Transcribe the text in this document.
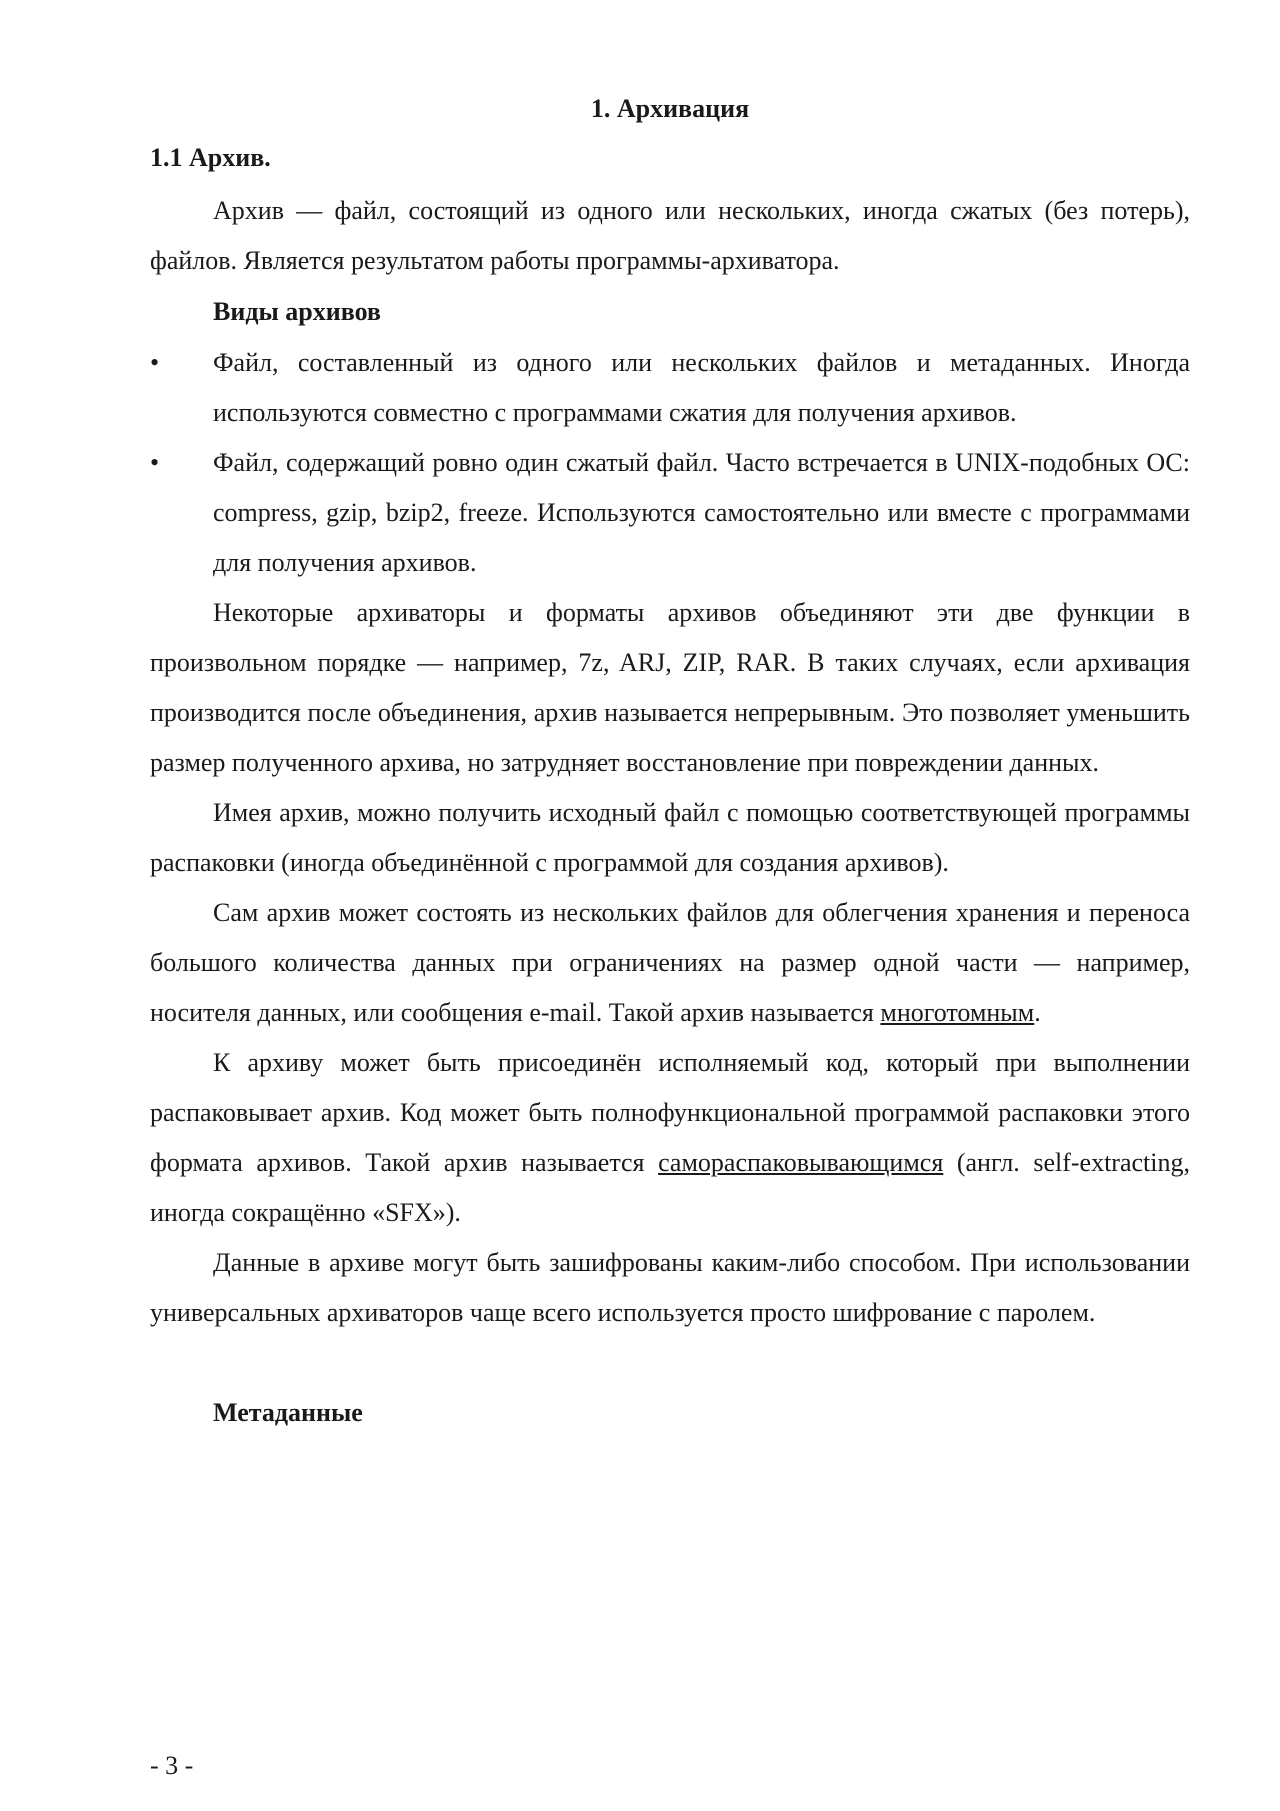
1. Архивация
1.1 Архив.

Архив — файл, состоящий из одного или нескольких, иногда сжатых (без потерь), файлов. Является результатом работы программы-архиватора.

Виды архивов
•	Файл, составленный из одного или нескольких файлов и метаданных. Иногда используются совместно с программами сжатия для получения архивов.
•	Файл, содержащий ровно один сжатый файл. Часто встречается в UNIX-подобных ОС: compress, gzip, bzip2, freeze. Используются самостоятельно или вместе с программами для получения архивов.

Некоторые архиваторы и форматы архивов объединяют эти две функции в произвольном порядке — например, 7z, ARJ, ZIP, RAR. В таких случаях, если архивация производится после объединения, архив называется непрерывным. Это позволяет уменьшить размер полученного архива, но затрудняет восстановление при повреждении данных.

Имея архив, можно получить исходный файл с помощью соответствующей программы распаковки (иногда объединённой с программой для создания архивов).

Сам архив может состоять из нескольких файлов для облегчения хранения и переноса большого количества данных при ограничениях на размер одной части — например, носителя данных, или сообщения e-mail. Такой архив называется многотомным.

К архиву может быть присоединён исполняемый код, который при выполнении распаковывает архив. Код может быть полнофункциональной программой распаковки этого формата архивов. Такой архив называется самораспаковывающимся (англ. self-extracting, иногда сокращённо «SFX»).

Данные в архиве могут быть зашифрованы каким-либо способом. При использовании универсальных архиваторов чаще всего используется просто шифрование с паролем.

Метаданные
- 3 -
